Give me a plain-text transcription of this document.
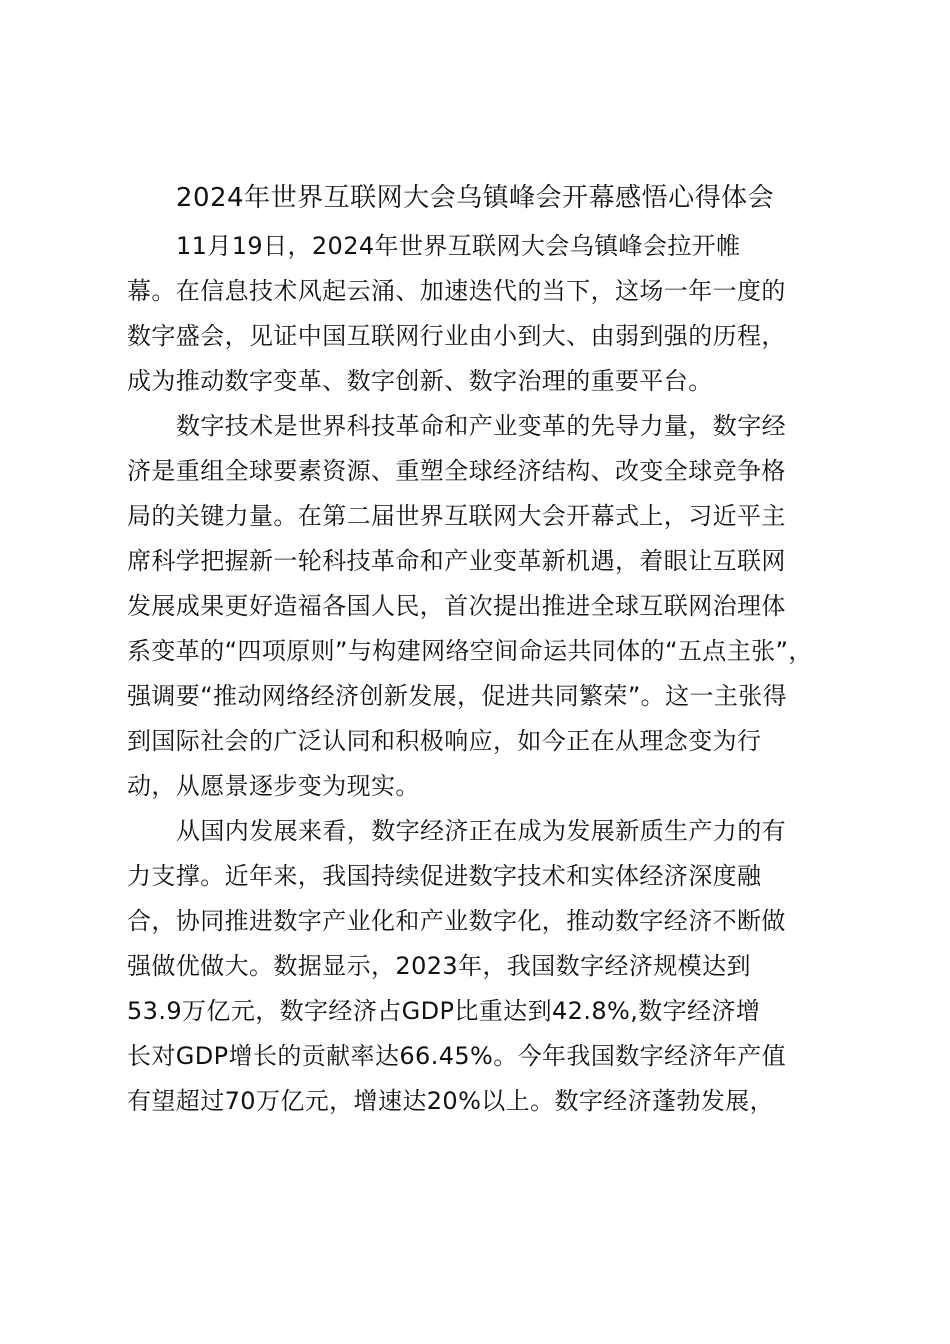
2024年世界互联网大会乌镇峰会开幕感悟心得体会
11月19日，2024年世界互联网大会乌镇峰会拉开帷
幕。在信息技术风起云涌、加速迭代的当下，这场一年一度的
数字盛会，见证中国互联网行业由小到大、由弱到强的历程，
成为推动数字变革、数字创新、数字治理的重要平台。
数字技术是世界科技革命和产业变革的先导力量，数字经
济是重组全球要素资源、重塑全球经济结构、改变全球竞争格
局的关键力量。在第二届世界互联网大会开幕式上，习近平主
席科学把握新一轮科技革命和产业变革新机遇，着眼让互联网
发展成果更好造福各国人民，首次提出推进全球互联网治理体
系变革的“四项原则”与构建网络空间命运共同体的“五点主张”，
强调要“推动网络经济创新发展，促进共同繁荣”。这一主张得
到国际社会的广泛认同和积极响应，如今正在从理念变为行
动，从愿景逐步变为现实。
从国内发展来看，数字经济正在成为发展新质生产力的有
力支撑。近年来，我国持续促进数字技术和实体经济深度融
合，协同推进数字产业化和产业数字化，推动数字经济不断做
强做优做大。数据显示，2023年，我国数字经济规模达到
53.9万亿元，数字经济占GDP比重达到42.8%,数字经济增
长对GDP增长的贡献率达66.45%。今年我国数字经济年产值
有望超过70万亿元，增速达20%以上。数字经济蓬勃发展，
